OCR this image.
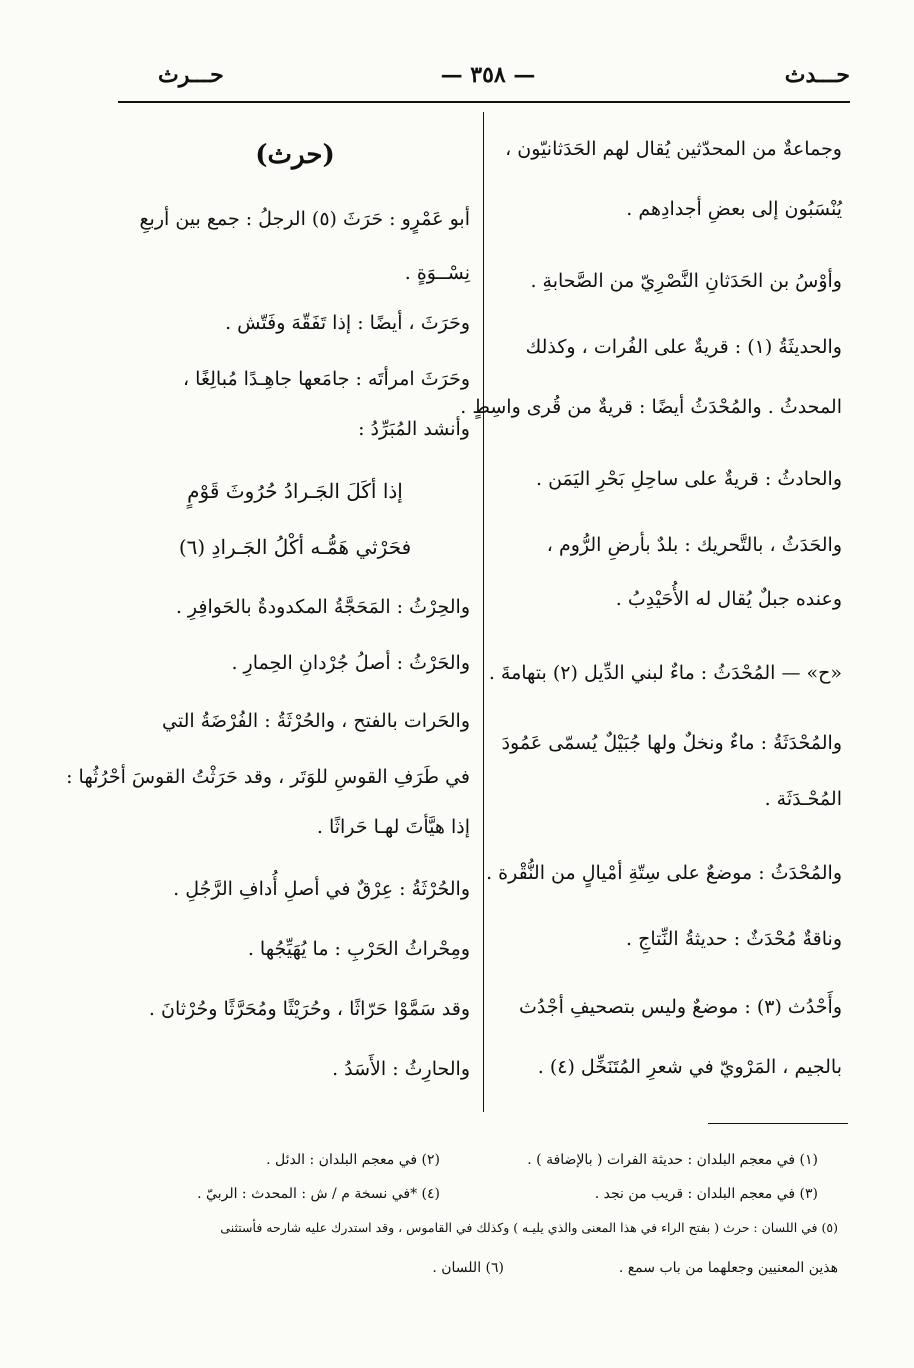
حـــدث
— ٣٥٨ —
حـــرث
وجماعةٌ من المحدّثين يُقال لهم الحَدَثانيّون ،
يُنْسَبُون إلى بعضِ أجدادِهم .
وأوْسُ بن الحَدَثانِ النَّصْرِيّ من الصَّحابةِ .
والحديثَةُ (١) : قريةٌ على الفُرات ، وكذلك
المحدثُ . والمُحْدَثُ أيضًا : قريةٌ من قُرى واسِطٍ .
والحادثُ : قريةٌ على ساحِلِ بَحْرِ اليَمَن .
والحَدَثُ ، بالتَّحريك : بلدٌ بأرضِ الرُّوم ،
وعنده جبلٌ يُقال له الأُحَيْدِبُ .
«ح» — المُحْدَثُ : ماءٌ لبني الدِّيل (٢) بتهامةَ .
والمُحْدَثَةُ : ماءٌ ونخلٌ ولها جُبَيْلٌ يُسمّى عَمُودَ
المُحْـدَثَة .
والمُحْدَثُ : موضعٌ على سِتّةِ أمْيالٍ من النُّقْرة .
وناقةٌ مُحْدَثٌ : حديثةُ النِّتاجِ .
وأَحْدُث (٣) : موضعٌ وليس بتصحيفِ أجْدُث
بالجيم ، المَرْويّ في شعرِ المُتَنَخِّل (٤) .
(حرث)
أبو عَمْرٍو : حَرَثَ (٥) الرجلُ : جمع بين أربعِ
نِسْــوَةٍ .
وحَرَثَ ، أيضًا : إذا تَفَقّهَ وفَتّش .
وحَرَثَ امرأتَه : جامَعها جاهِـدًا مُبالِغًا ،
وأنشد المُبَرِّدُ :
إذا أكَلَ الجَـرادُ حُرُوثَ قَوْمٍ
فحَرْثي هَمُّـه أكْلُ الجَـرادِ (٦)
والحِرْثُ : المَحَجَّةُ المكدودةُ بالحَوافِرِ .
والحَرْثُ : أصلُ جُرْدانِ الحِمارِ .
والحَرات بالفتح ، والحُرْثَةُ : الفُرْضَةُ التي
في طَرَفِ القوسِ للوَتَر ، وقد حَرَثْتُ القوسَ أحْرُثُها :
إذا هيَّأتَ لهـا حَراثًا .
والحُرْثَةُ : عِرْقٌ في أصلِ أُدافِ الرَّجُلِ .
ومِحْراثُ الحَرْبِ : ما يُهَيِّجُها .
وقد سَمَّوْا حَرّاثًا ، وحُرَيْثًا ومُحَرَّثًا وحُرْثانَ .
والحارِثُ : الأَسَدُ .
(١) في معجم البلدان : حديثة الفرات ( بالإضافة ) .
(٢) في معجم البلدان : الدئل .
(٣) في معجم البلدان : قريب من نجد .
(٤) *في نسخة م / ش : المحدث : الربيّ .
(٥) في اللسان : حرث ( بفتح الراء في هذا المعنى والذي يليـه ) وكذلك في القاموس ، وقد استدرك عليه شارحه فأستثنى
هذين المعنيين وجعلهما من باب سمع .
(٦) اللسان .
